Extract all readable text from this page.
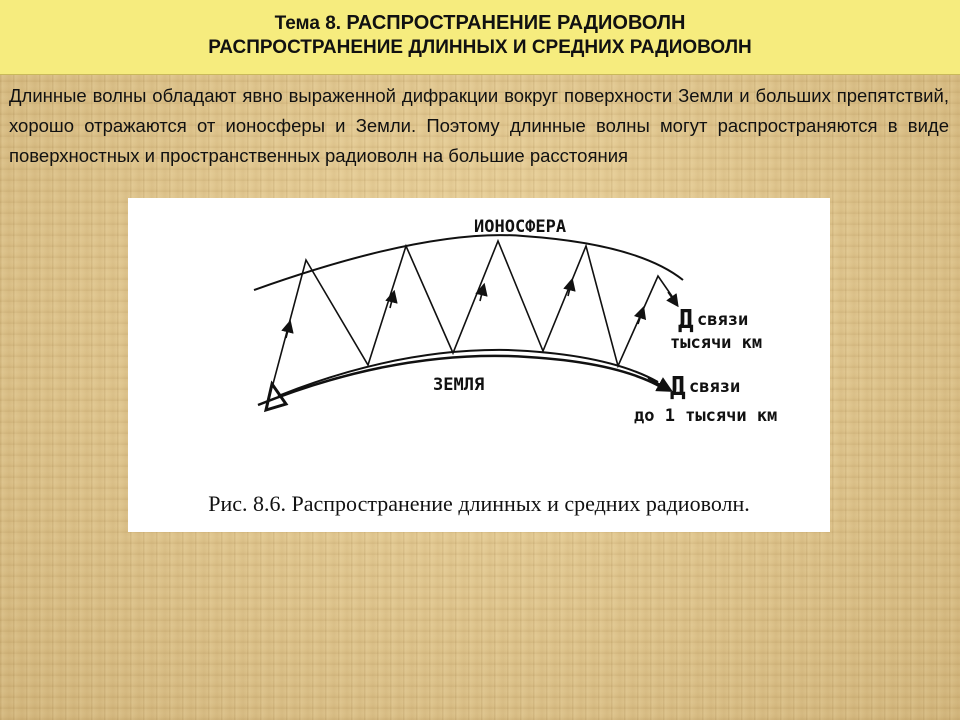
Тема 8. РАСПРОСТРАНЕНИЕ РАДИОВОЛН
РАСПРОСТРАНЕНИЕ ДЛИННЫХ И СРЕДНИХ РАДИОВОЛН
Длинные волны обладают явно выраженной дифракции вокруг поверхности Земли и больших препятствий, хорошо отражаются от ионосферы и Земли. Поэтому длинные волны могут распространяются в виде поверхностных и пространственных радиоволн на большие расстояния
ИОНОСФЕРА
ЗЕМЛЯ
Д связи
тысячи км
Д связи
до 1 тысячи км
Рис. 8.6. Распространение длинных и средних радиоволн.
